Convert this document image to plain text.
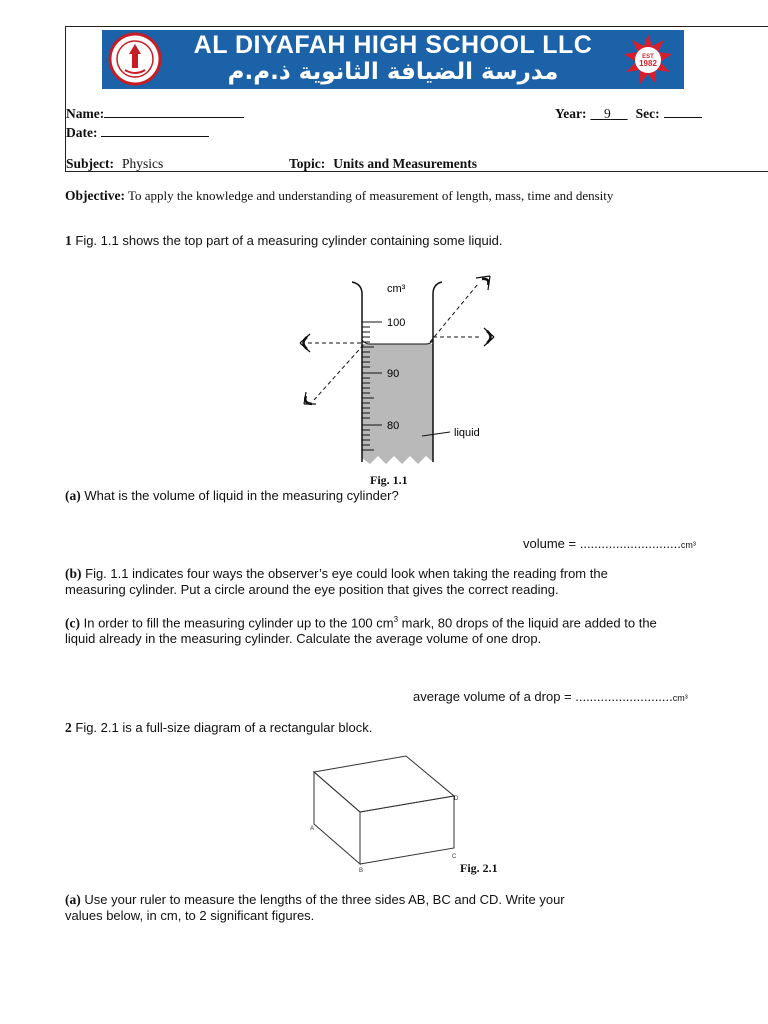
AL DIYAFAH HIGH SCHOOL LLC
مدرسة الضيافة الثانوية ذ.م.م
EST
1982
Name:	Year: 9 Sec:
Date:
Subject: Physics	Topic: Units and Measurements
Objective: To apply the knowledge and understanding of measurement of length, mass, time and density
1 Fig. 1.1 shows the top part of a measuring cylinder containing some liquid.
cm³
100
90
80
liquid
Fig. 1.1
(a) What is the volume of liquid in the measuring cylinder?
volume = ............................cm³
(b) Fig. 1.1 indicates four ways the observer’s eye could look when taking the reading from the
measuring cylinder. Put a circle around the eye position that gives the correct reading.
(c) In order to fill the measuring cylinder up to the 100 $cm^3$ mark, 80 drops of the liquid are added to the
liquid already in the measuring cylinder. Calculate the average volume of one drop.
average volume of a drop = ...........................cm³
2 Fig. 2.1 is a full-size diagram of a rectangular block.
A
B
C
D
Fig. 2.1
(a) Use your ruler to measure the lengths of the three sides AB, BC and CD. Write your
values below, in cm, to 2 significant figures.
